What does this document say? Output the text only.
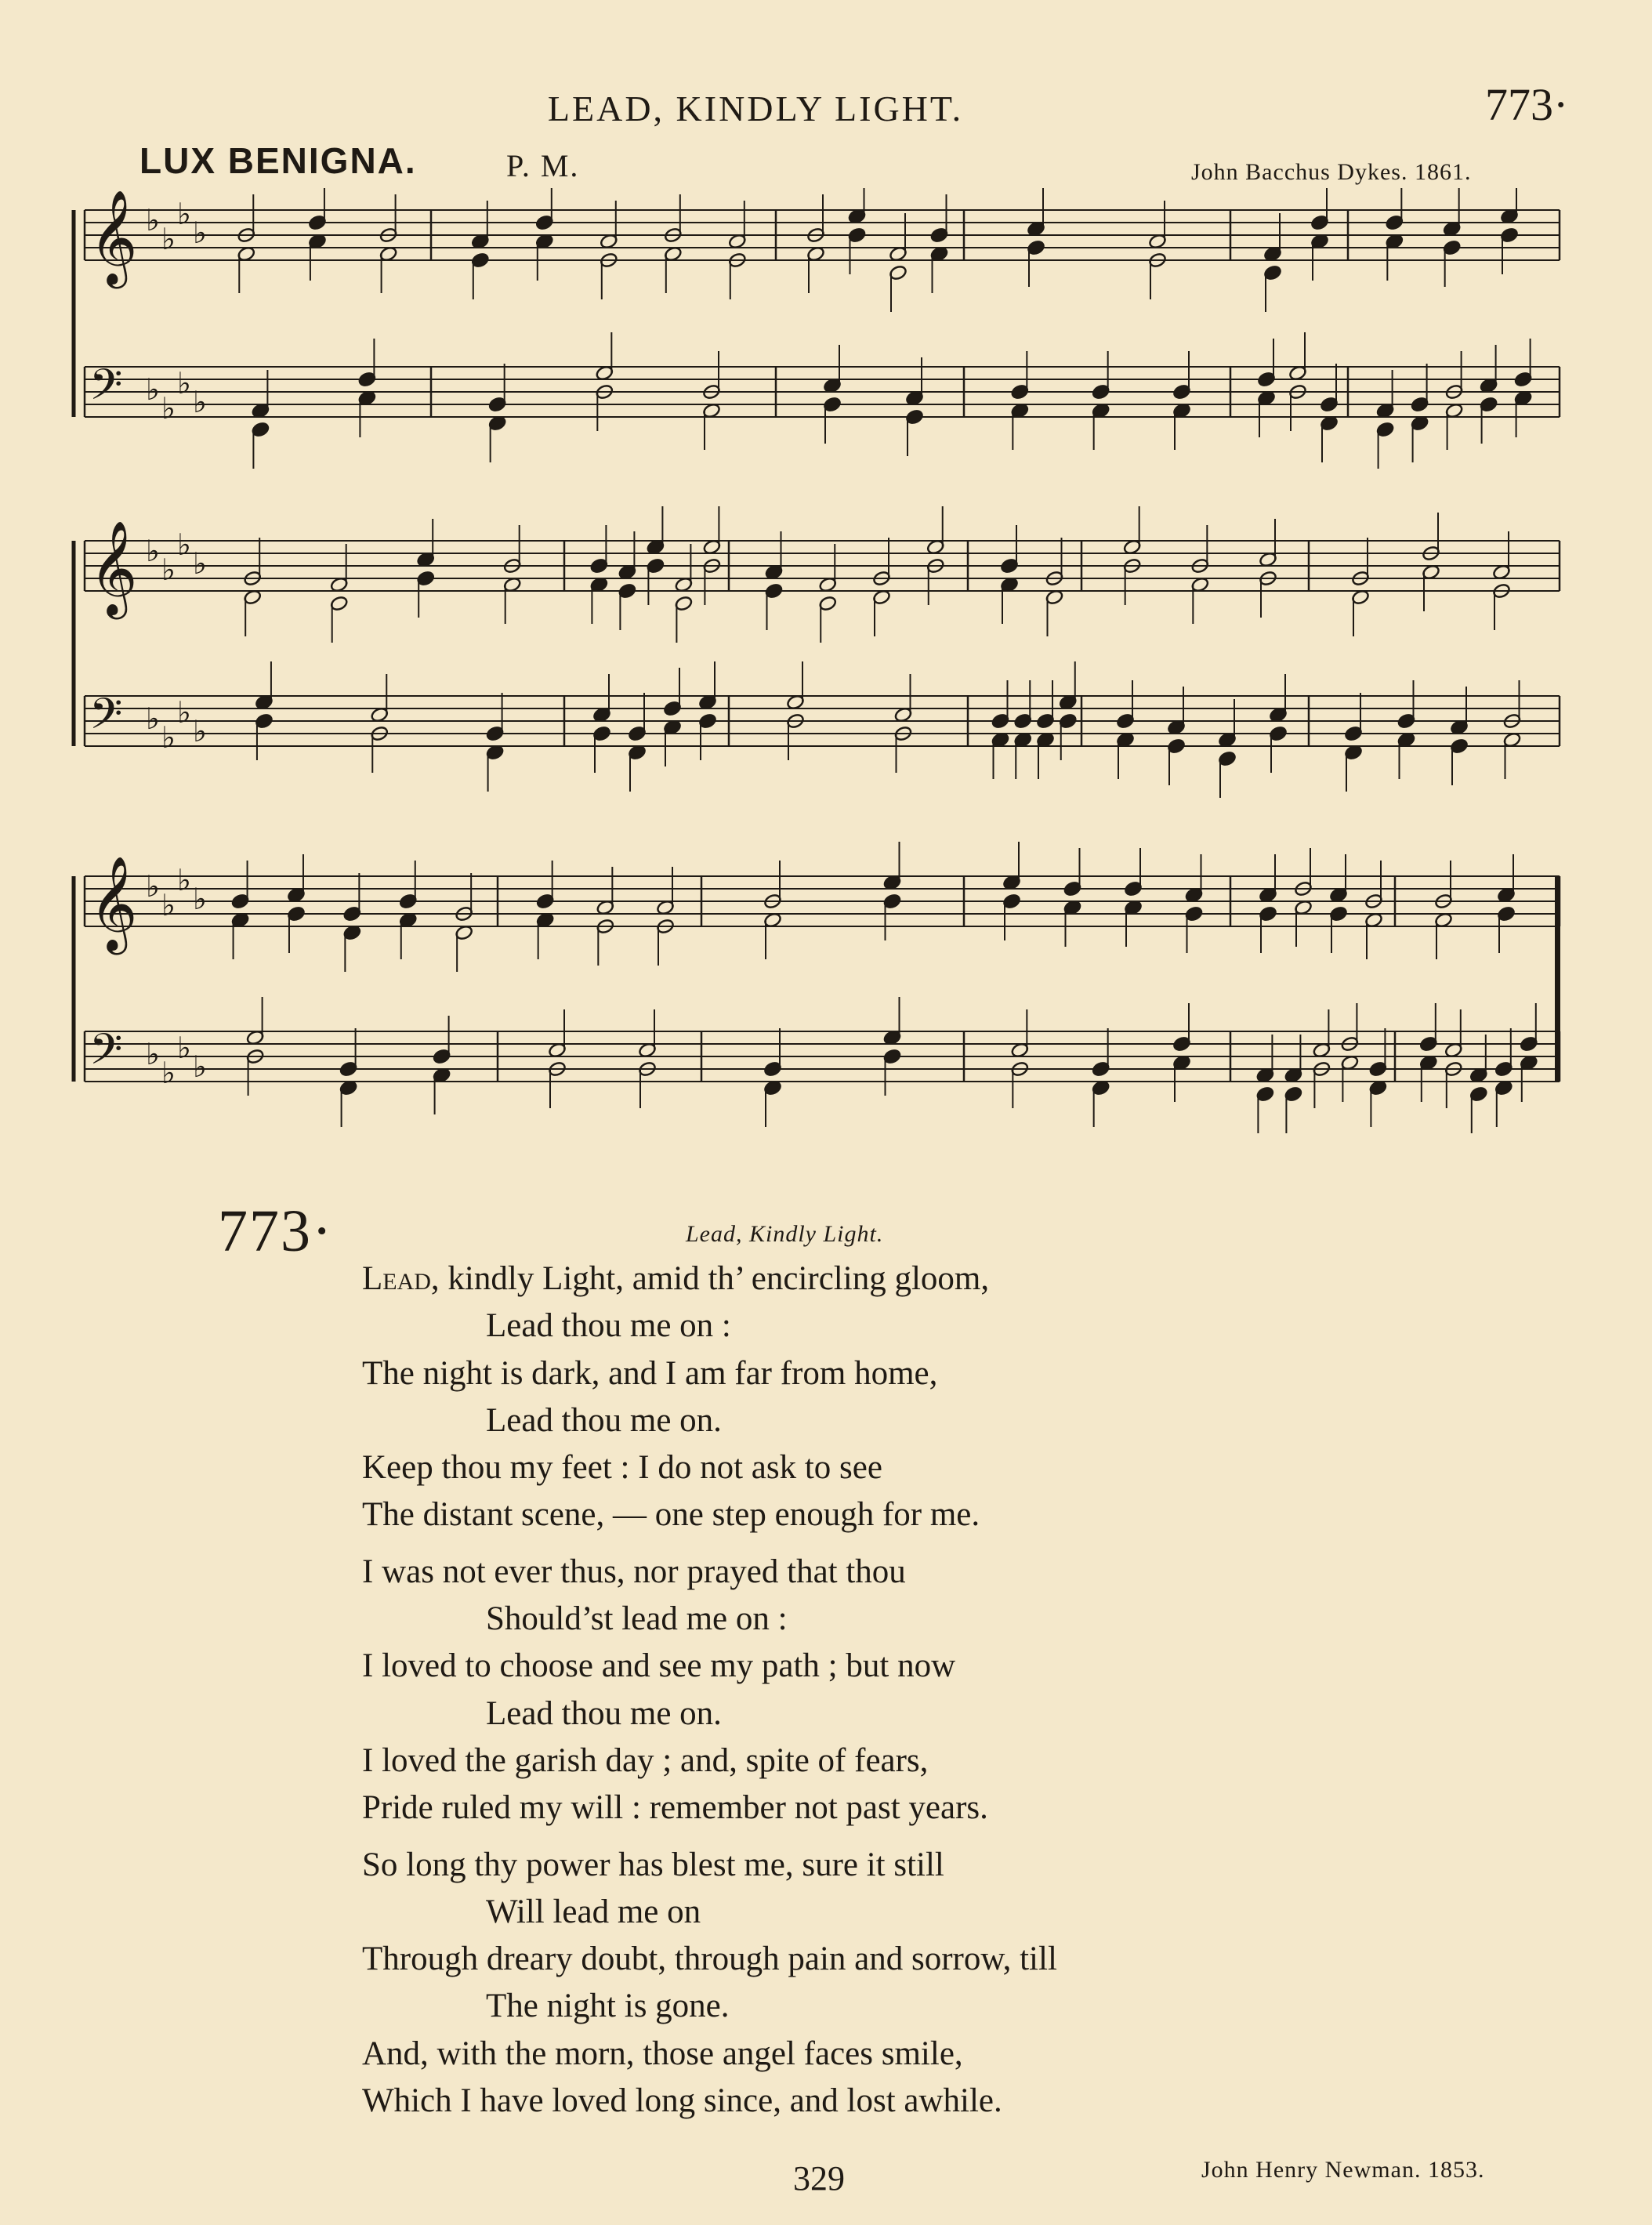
LEAD, KINDLY LIGHT.	773·
LUX BENIGNA.	P. M.	John Bacchus Dykes. 1861.
𝄞 ♭
♭
♭
♭
𝄢 ♭
♭
♭
♭
𝄞 ♭
♭
♭
♭
𝄢 ♭
♭
♭
♭
𝄞 ♭
♭
♭
♭
𝄢 ♭
♭
♭
♭
773·	Lead, Kindly Light.
Lead, kindly Light, amid th’ encircling gloom,
Lead thou me on :
The night is dark, and I am far from home,
Lead thou me on.
Keep thou my feet : I do not ask to see
The distant scene, — one step enough for me.
I was not ever thus, nor prayed that thou
Should’st lead me on :
I loved to choose and see my path ; but now
Lead thou me on.
I loved the garish day ; and, spite of fears,
Pride ruled my will : remember not past years.
So long thy power has blest me, sure it still
Will lead me on
Through dreary doubt, through pain and sorrow, till
The night is gone.
And, with the morn, those angel faces smile,
Which I have loved long since, and lost awhile.
John Henry Newman. 1853.
329
